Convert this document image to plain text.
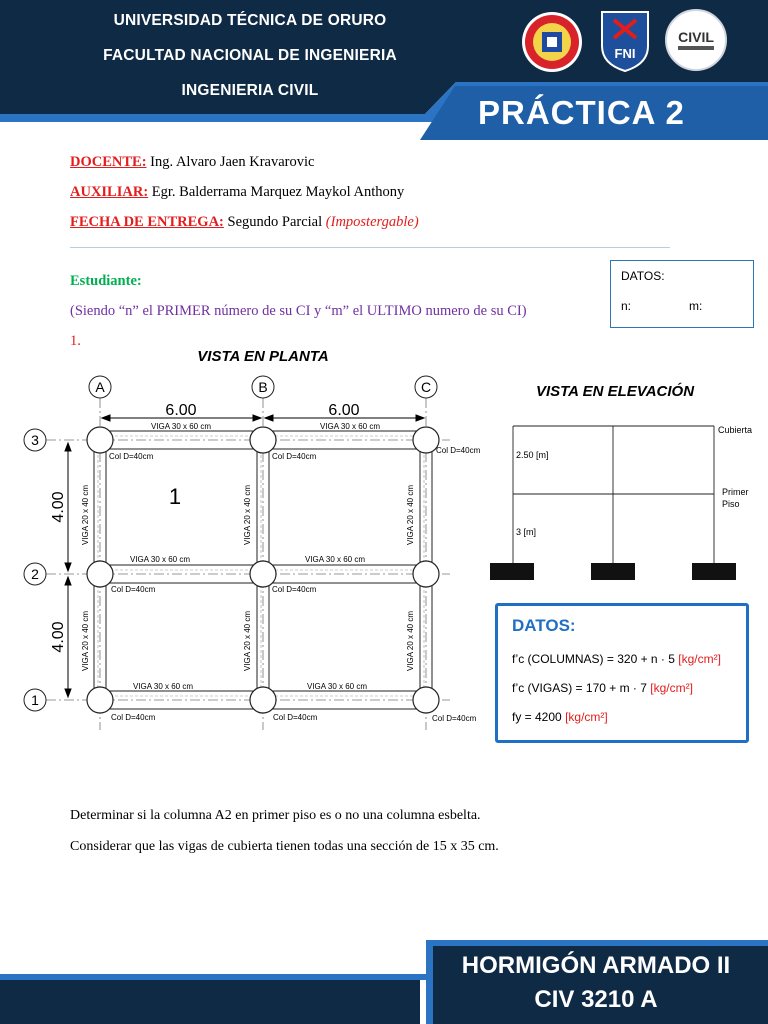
UNIVERSIDAD TÉCNICA DE ORURO
FACULTAD NACIONAL DE INGENIERIA
INGENIERIA CIVIL
PRÁCTICA 2
FNI
CIVIL
DOCENTE: Ing. Alvaro Jaen Kravarovic
AUXILIAR: Egr. Balderrama Marquez Maykol Anthony
FECHA DE ENTREGA: Segundo Parcial (Impostergable)
Estudiante:
(Siendo “n” el PRIMER número de su CI y “m” el ULTIMO numero de su CI)
1.
DATOS:
n:	m:
VISTA EN PLANTA
A	B	C
3
2
1
6.00	6.00
4.00
4.00
VIGA 30 x 60 cm	VIGA 30 x 60 cm
VIGA 30 x 60 cm	VIGA 30 x 60 cm
VIGA 30 x 60 cm	VIGA 30 x 60 cm
VIGA 20 x 40 cm	VIGA 20 x 40 cm	VIGA 20 x 40 cm
VIGA 20 x 40 cm	VIGA 20 x 40 cm	VIGA 20 x 40 cm
Col D=40cm	Col D=40cm
Col D=40cm
Col D=40cm	Col D=40cm
Col D=40cm	Col D=40cm	Col D=40cm
1
VISTA EN ELEVACIÓN
2.50 [m]
3 [m]
Cubierta
Primer
Piso
DATOS:
f’c (COLUMNAS) = 320 + n · 5 [kg/cm²]
f’c (VIGAS) = 170 + m · 7 [kg/cm²]
fy = 4200 [kg/cm²]
Determinar si la columna A2 en primer piso es o no una columna esbelta.
Considerar que las vigas de cubierta tienen todas una sección de 15 x 35 cm.
HORMIGÓN ARMADO II
CIV 3210 A
